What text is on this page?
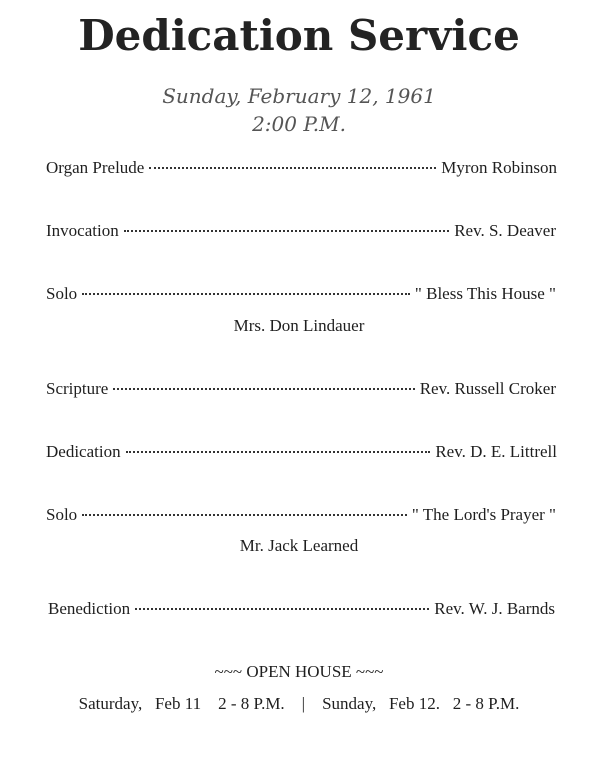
Dedication Service
Sunday, February 12, 1961
2:00 P.M.
Organ Prelude	Myron Robinson
Invocation	Rev. S. Deaver
Solo	" Bless This House "
Mrs. Don Lindauer
Scripture	Rev. Russell Croker
Dedication	Rev. D. E. Littrell
Solo	" The Lord's Prayer "
Mr. Jack Learned
Benediction	Rev. W. J. Barnds
~~~ OPEN HOUSE ~~~
Saturday,   Feb 11    2 - 8 P.M.    |    Sunday,   Feb 12.   2 - 8 P.M.
